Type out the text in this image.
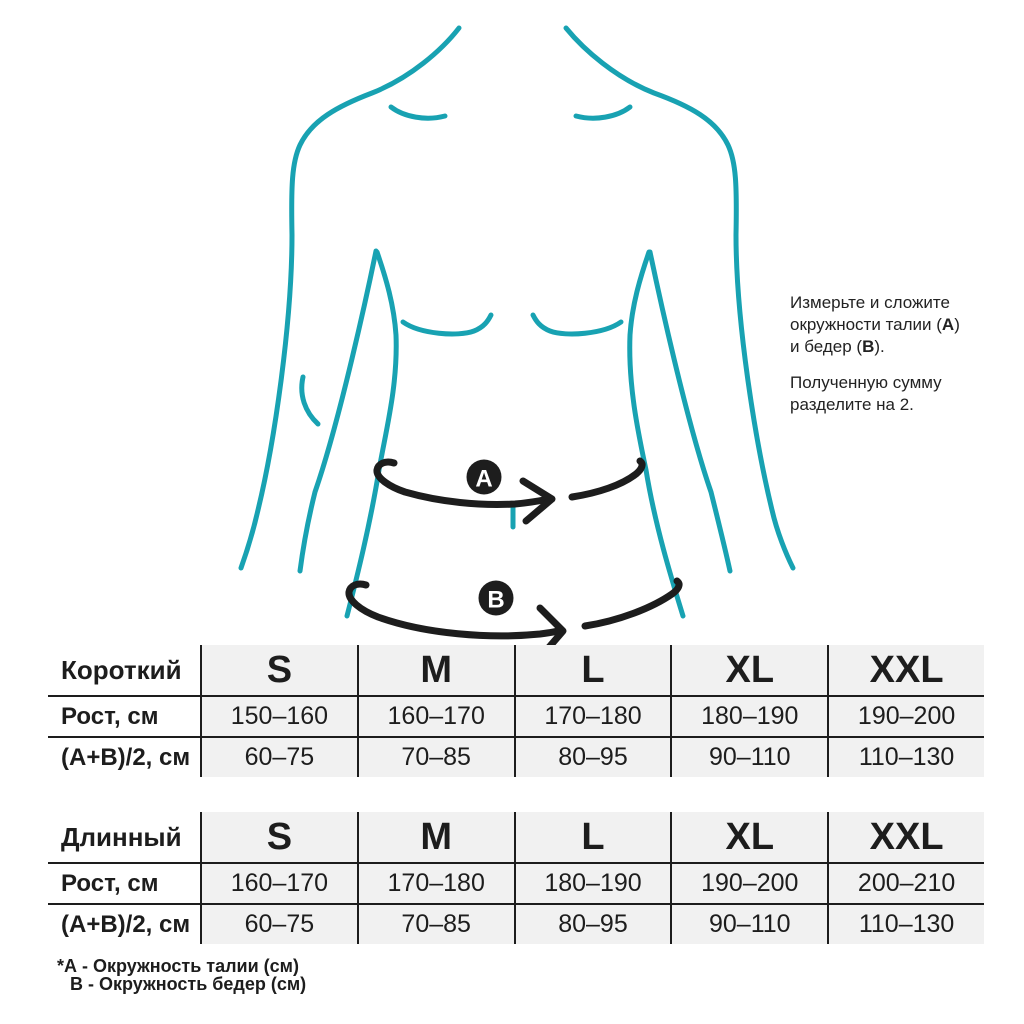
A
B

Измерьте и сложите
окружности талии (А)
и бедер (В).

Полученную сумму
разделите на 2.

Короткий	S	M	L	XL	XXL
Рост, см	150–160	160–170	170–180	180–190	190–200
(А+В)/2, см	60–75	70–85	80–95	90–110	110–130
Длинный	S	M	L	XL	XXL
Рост, см	160–170	170–180	180–190	190–200	200–210
(А+В)/2, см	60–75	70–85	80–95	90–110	110–130
*А - Окружность талии (см)
В - Окружность бедер (см)
